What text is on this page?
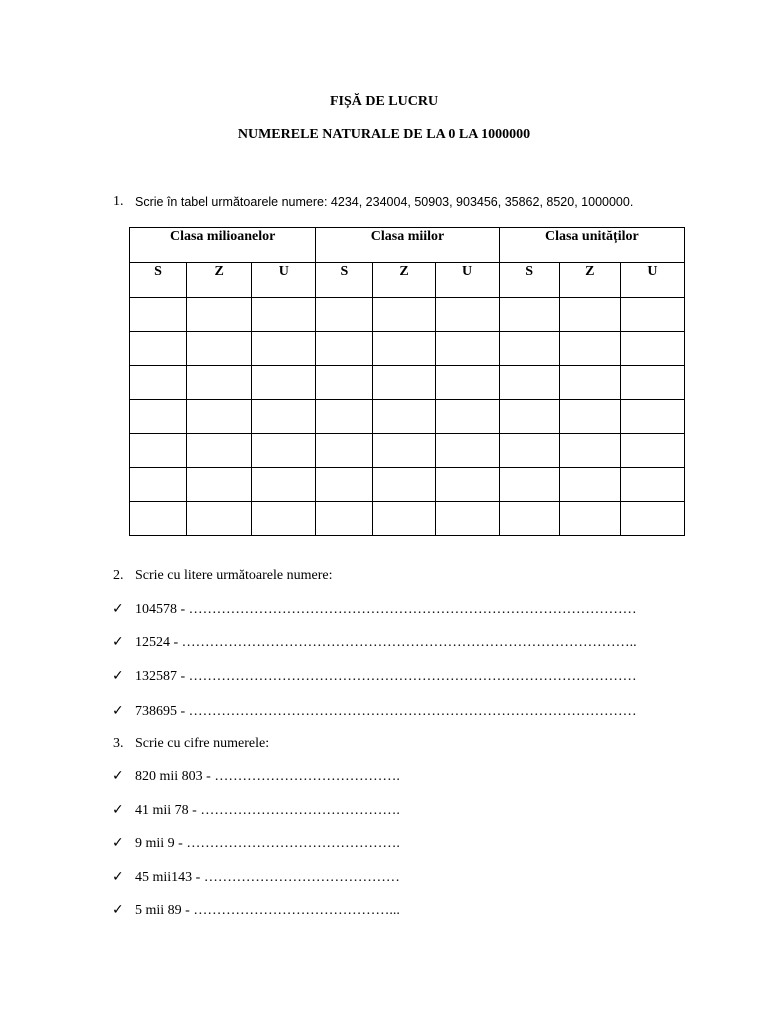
FIȘĂ DE LUCRU
NUMERELE NATURALE DE LA 0 LA 1000000
1. Scrie în tabel următoarele numere: 4234, 234004, 50903, 903456, 35862, 8520, 1000000.
Clasa milioanelor			Clasa miilor			Clasa unităților		
S	Z	U	S	Z	U	S	Z	U

2. Scrie cu litere următoarele numere:
✓ 104578 - ……………………………………………………………………………………
✓ 12524 - ……………………………………………………………………………………..
✓ 132587 - ……………………………………………………………………………………
✓ 738695 - ……………………………………………………………………………………
3. Scrie cu cifre numerele:
✓ 820 mii 803 - ………………………………….
✓ 41 mii 78 - …………………………………….
✓ 9 mii 9 - ……………………………………….
✓ 45 mii143 - ……………………………………
✓ 5 mii 89 - ……………………………………...
